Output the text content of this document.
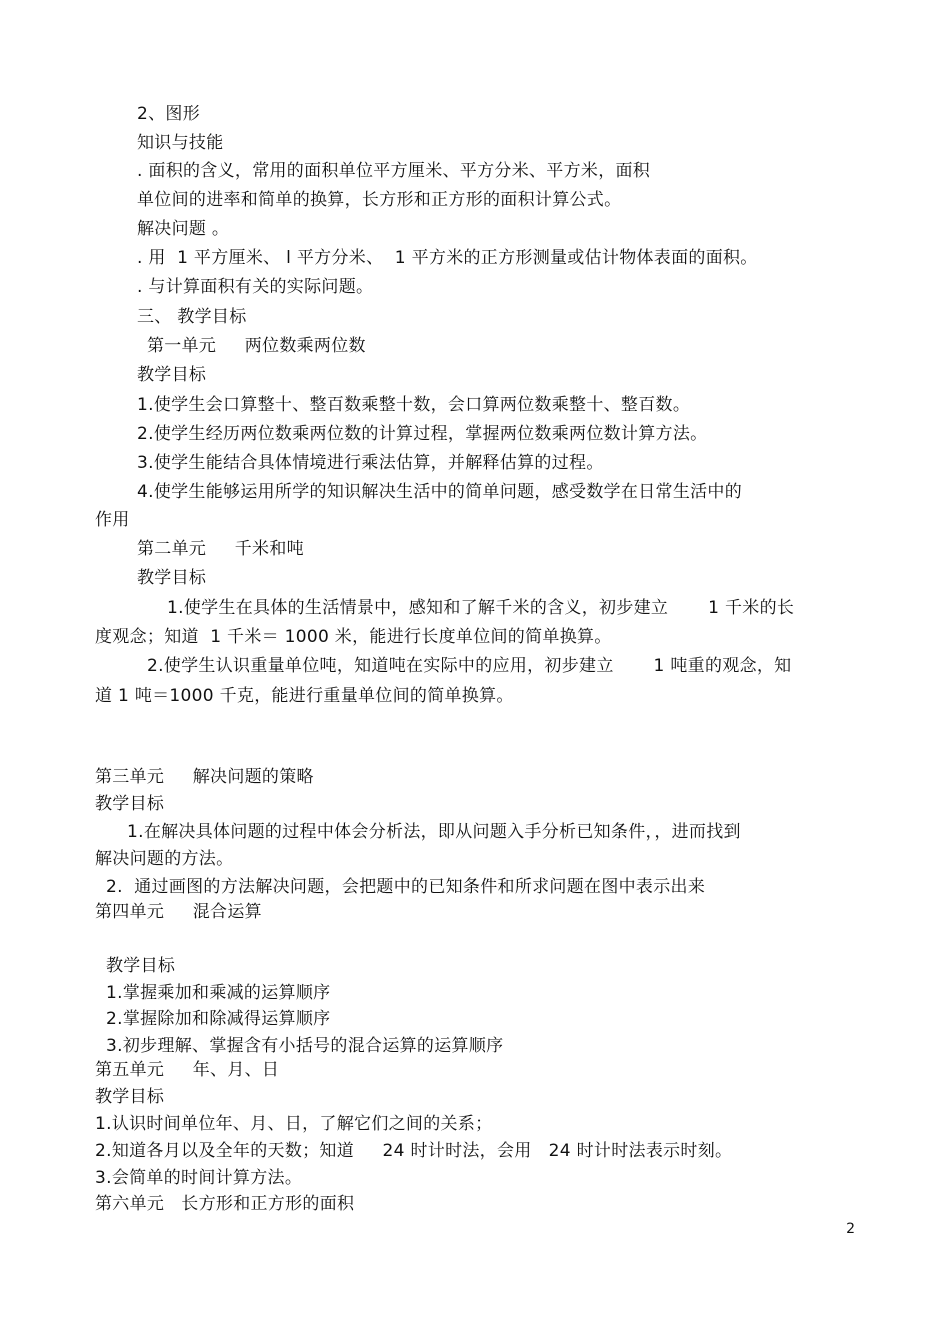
2、图形
知识与技能
. 面积的含义，常用的面积单位平方厘米、平方分米、平方米，面积
单位间的进率和简单的换算，长方形和正方形的面积计算公式。
解决问题 。
. 用  1 平方厘米、 l 平方分米、  1 平方米的正方形测量或估计物体表面的面积。
. 与计算面积有关的实际问题。
三、 教学目标
第一单元     两位数乘两位数
教学目标
1.使学生会口算整十、整百数乘整十数，会口算两位数乘整十、整百数。
2.使学生经历两位数乘两位数的计算过程，掌握两位数乘两位数计算方法。
3.使学生能结合具体情境进行乘法估算，并解释估算的过程。
4.使学生能够运用所学的知识解决生活中的简单问题，感受数学在日常生活中的
作用
第二单元     千米和吨
教学目标
1.使学生在具体的生活情景中，感知和了解千米的含义，初步建立       1 千米的长
度观念；知道  1 千米＝ 1000 米，能进行长度单位间的简单换算。
2.使学生认识重量单位吨，知道吨在实际中的应用，初步建立       1 吨重的观念，知
道 1 吨＝1000 千克，能进行重量单位间的简单换算。
第三单元     解决问题的策略
教学目标
1.在解决具体问题的过程中体会分析法，即从问题入手分析已知条件，，进而找到
解决问题的方法。
2.  通过画图的方法解决问题，会把题中的已知条件和所求问题在图中表示出来
第四单元     混合运算
教学目标
1.掌握乘加和乘减的运算顺序
2.掌握除加和除减得运算顺序
3.初步理解、掌握含有小括号的混合运算的运算顺序
第五单元     年、月、日
教学目标
1.认识时间单位年、月、日，了解它们之间的关系；
2.知道各月以及全年的天数；知道     24 时计时法，会用   24 时计时法表示时刻。
3.会简单的时间计算方法。
第六单元   长方形和正方形的面积
2
